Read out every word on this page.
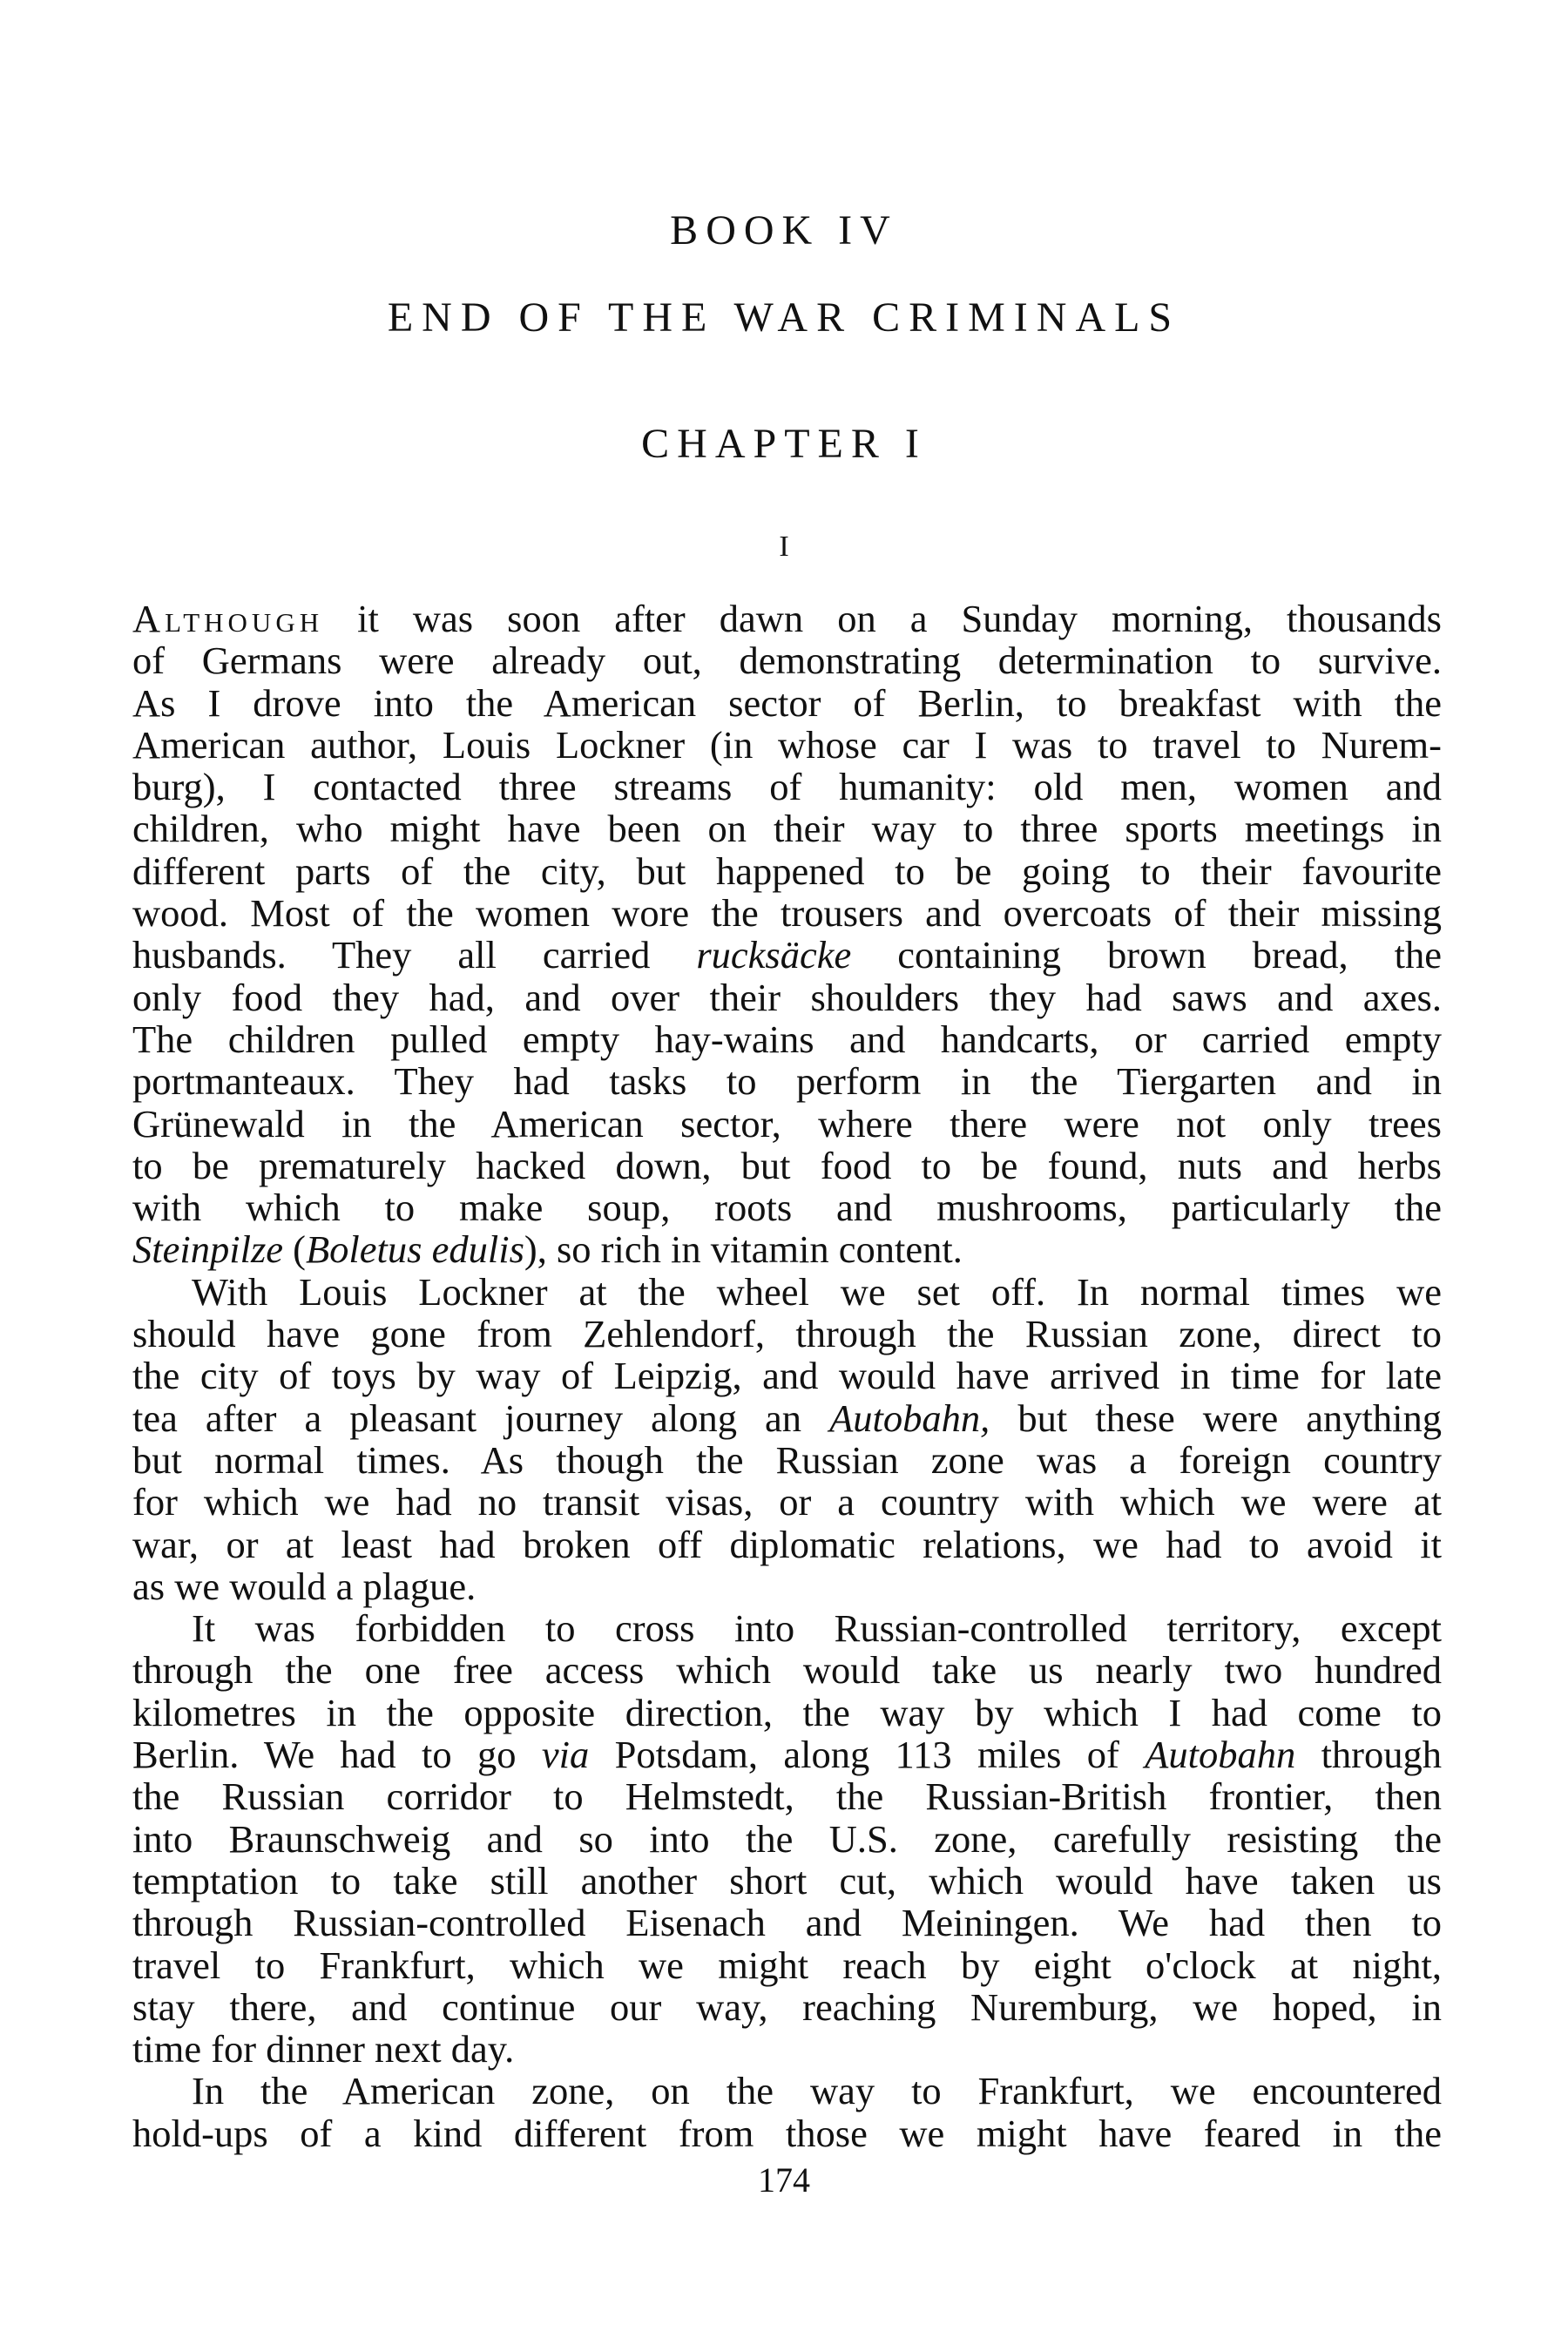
BOOK IV
END OF THE WAR CRIMINALS
CHAPTER I
I
Although it was soon after dawn on a Sunday morning, thousands
of Germans were already out, demonstrating determination to survive.
As I drove into the American sector of Berlin, to breakfast with the
American author, Louis Lockner (in whose car I was to travel to Nurem-
burg), I contacted three streams of humanity: old men, women and
children, who might have been on their way to three sports meetings in
different parts of the city, but happened to be going to their favourite
wood. Most of the women wore the trousers and overcoats of their missing
husbands. They all carried rucksäcke containing brown bread, the
only food they had, and over their shoulders they had saws and axes.
The children pulled empty hay-wains and handcarts, or carried empty
portmanteaux. They had tasks to perform in the Tiergarten and in
Grünewald in the American sector, where there were not only trees
to be prematurely hacked down, but food to be found, nuts and herbs
with which to make soup, roots and mushrooms, particularly the
Steinpilze (Boletus edulis), so rich in vitamin content.
With Louis Lockner at the wheel we set off. In normal times we
should have gone from Zehlendorf, through the Russian zone, direct to
the city of toys by way of Leipzig, and would have arrived in time for late
tea after a pleasant journey along an Autobahn, but these were anything
but normal times. As though the Russian zone was a foreign country
for which we had no transit visas, or a country with which we were at
war, or at least had broken off diplomatic relations, we had to avoid it
as we would a plague.
It was forbidden to cross into Russian-controlled territory, except
through the one free access which would take us nearly two hundred
kilometres in the opposite direction, the way by which I had come to
Berlin. We had to go via Potsdam, along 113 miles of Autobahn through
the Russian corridor to Helmstedt, the Russian-British frontier, then
into Braunschweig and so into the U.S. zone, carefully resisting the
temptation to take still another short cut, which would have taken us
through Russian-controlled Eisenach and Meiningen. We had then to
travel to Frankfurt, which we might reach by eight o'clock at night,
stay there, and continue our way, reaching Nuremburg, we hoped, in
time for dinner next day.
In the American zone, on the way to Frankfurt, we encountered
hold-ups of a kind different from those we might have feared in the
174
